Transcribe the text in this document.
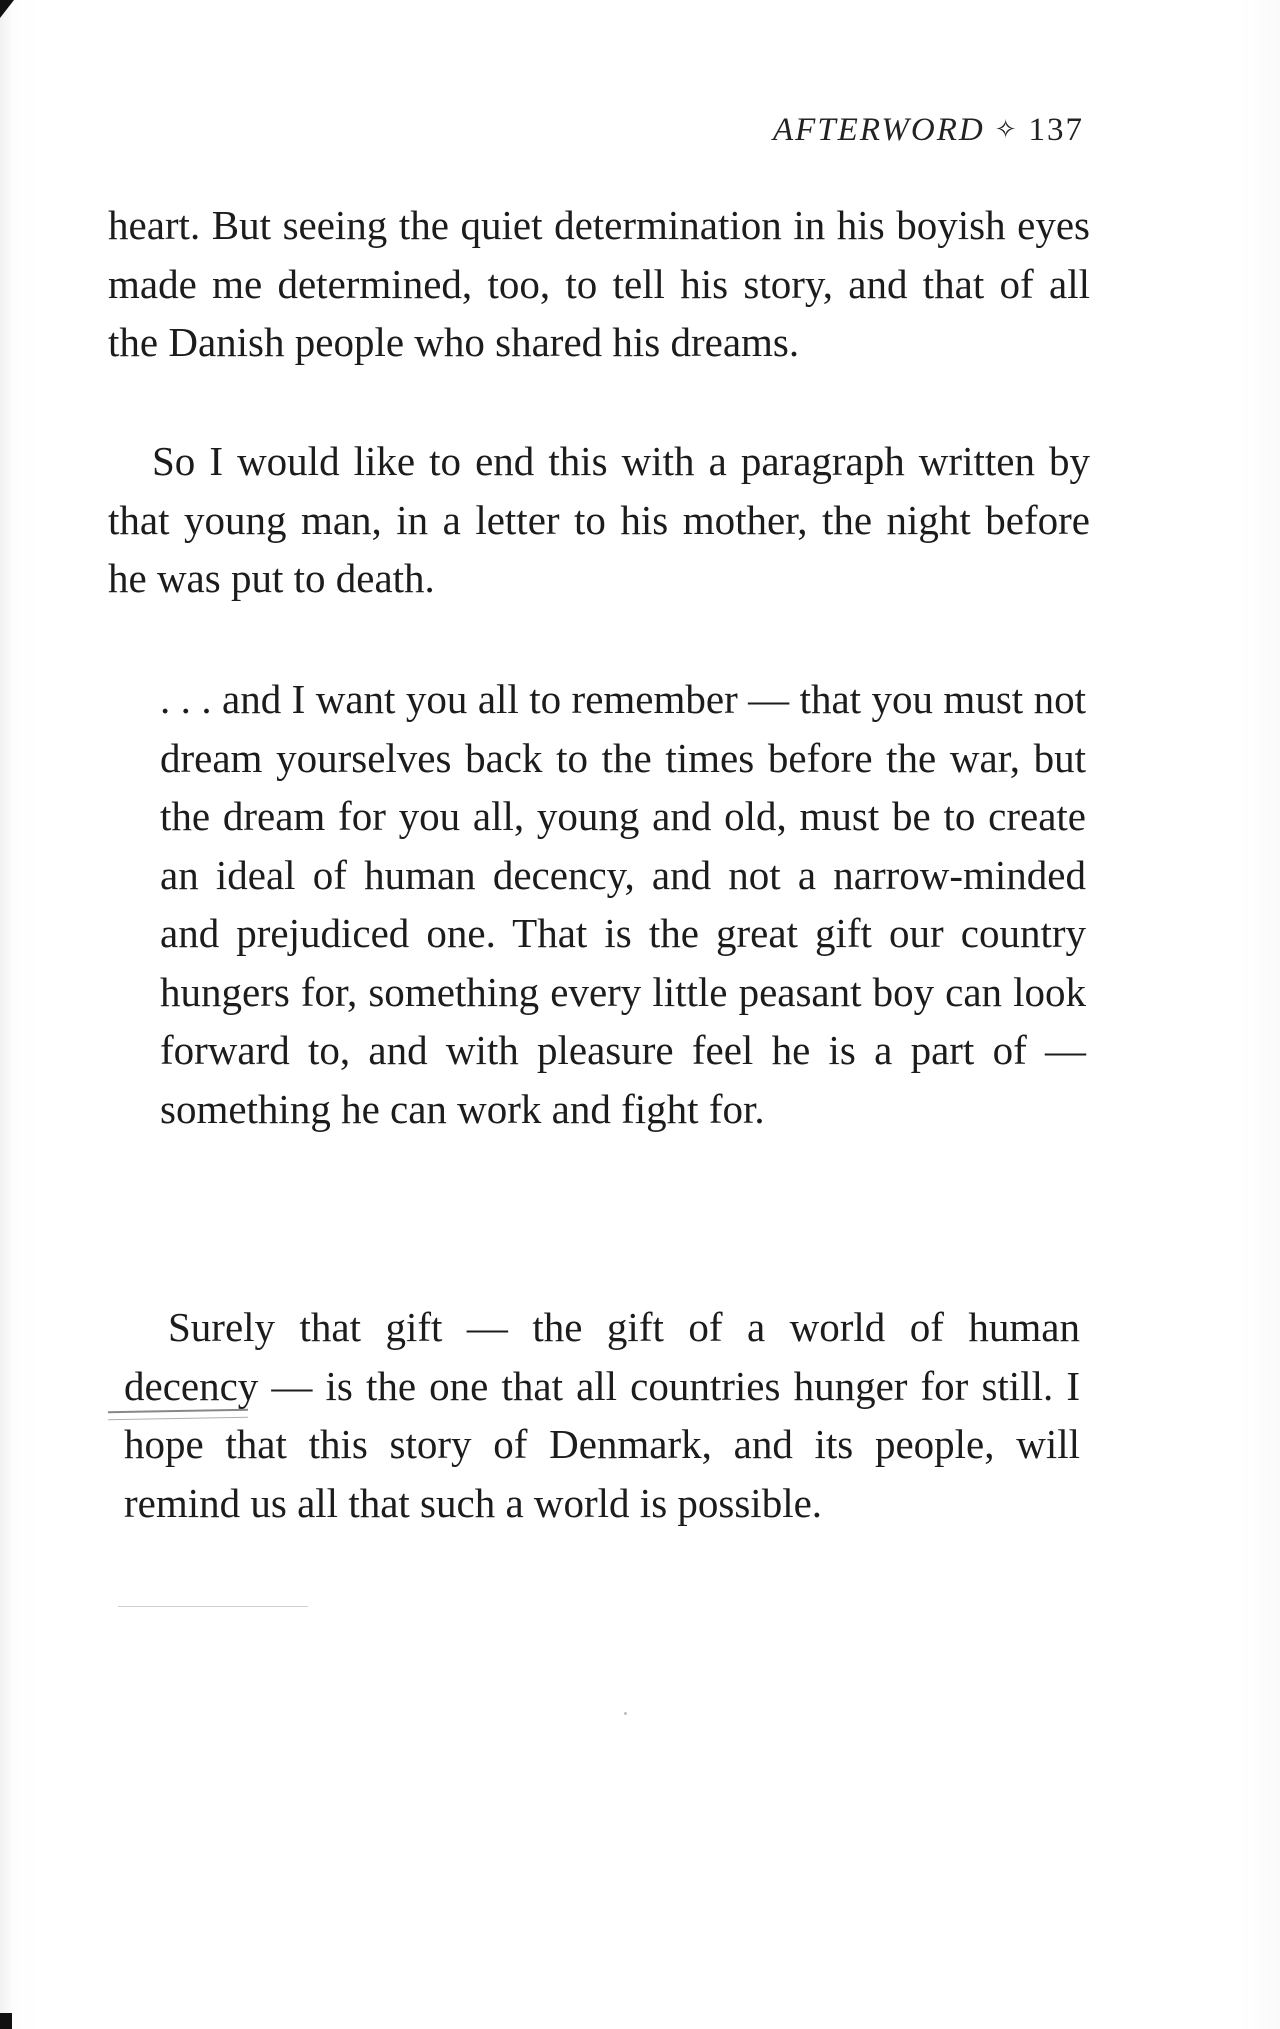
AFTERWORD ✧ 137

heart. But seeing the quiet determination in his boyish eyes made me determined, too, to tell his story, and that of all the Danish people who shared his dreams.

So I would like to end this with a paragraph written by that young man, in a letter to his mother, the night before he was put to death.

. . . and I want you all to remember — that you must not dream yourselves back to the times before the war, but the dream for you all, young and old, must be to create an ideal of human decency, and not a narrow-minded and prejudiced one. That is the great gift our country hungers for, something every little peasant boy can look forward to, and with pleasure feel he is a part of — something he can work and fight for.

Surely that gift — the gift of a world of human decency — is the one that all countries hunger for still. I hope that this story of Denmark, and its people, will remind us all that such a world is possible.
